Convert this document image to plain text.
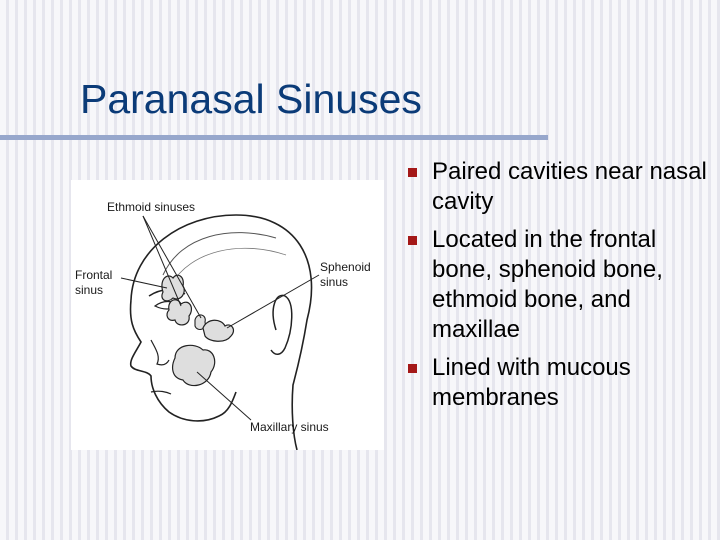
Paranasal Sinuses
Paired cavities near nasal cavity
Located in the frontal bone, sphenoid bone, ethmoid bone, and maxillae
Lined with mucous membranes
Ethmoid sinuses
Frontal
sinus
Sphenoid
sinus
Maxillary sinus
